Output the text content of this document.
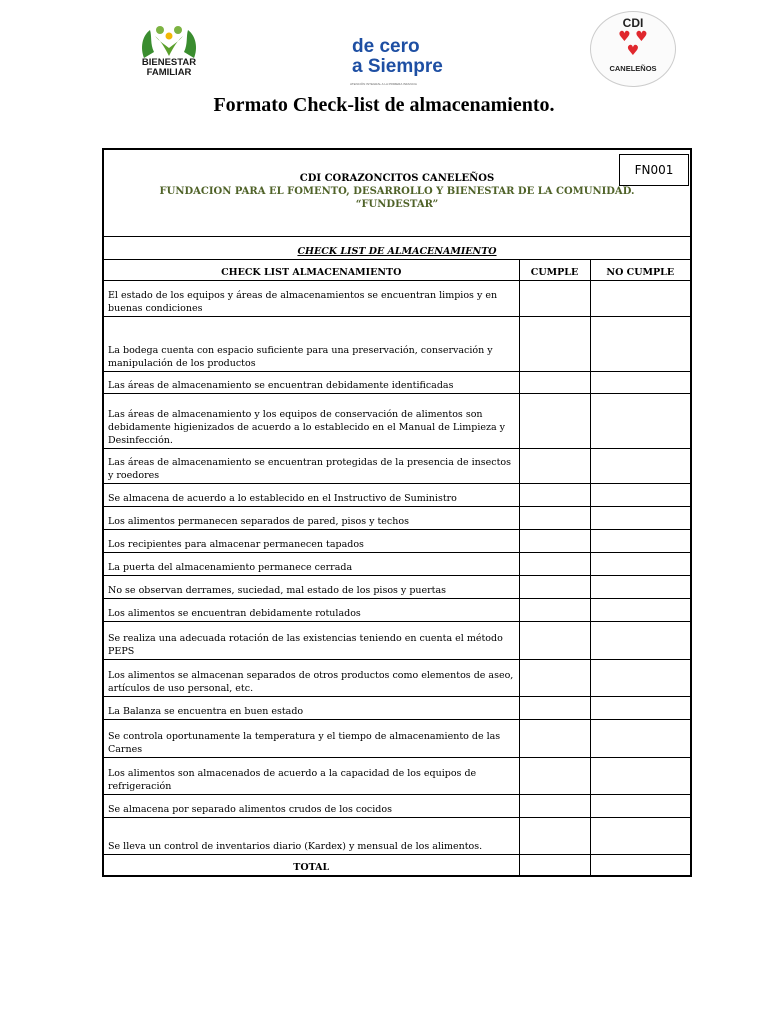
BIENESTAR
FAMILIAR
de cero
a Siempre
ATENCIÓN INTEGRAL A LA PRIMERA INFANCIA
CDI
♥ ♥
♥
CANELEÑOS
Formato Check-list de almacenamiento.
FN001
CDI CORAZONCITOS CANELEÑOS
FUNDACION PARA EL FOMENTO, DESARROLLO Y BIENESTAR DE LA COMUNIDAD.
“FUNDESTAR”
CHECK LIST DE ALMACENAMIENTO		
CHECK LIST ALMACENAMIENTO	CUMPLE	NO CUMPLE
El estado de los equipos y áreas de almacenamientos se encuentran limpios y en buenas condiciones		
La bodega cuenta con espacio suficiente para una preservación, conservación y manipulación de los productos		
Las áreas de almacenamiento se encuentran debidamente identificadas		
Las áreas de almacenamiento y los equipos de conservación de alimentos son debidamente higienizados de acuerdo a lo establecido en el Manual de Limpieza y Desinfección.		
Las áreas de almacenamiento se encuentran protegidas de la presencia de insectos y roedores		
Se almacena de acuerdo a lo establecido en el Instructivo de Suministro		
Los alimentos permanecen separados de pared, pisos y techos		
Los recipientes para almacenar permanecen tapados		
La puerta del almacenamiento permanece cerrada		
No se observan derrames, suciedad, mal estado de los pisos y puertas		
Los alimentos se encuentran debidamente rotulados		
Se realiza una adecuada rotación de las existencias teniendo en cuenta el método PEPS		
Los alimentos se almacenan separados de otros productos como elementos de aseo, artículos de uso personal, etc.		
La Balanza se encuentra en buen estado		
Se controla oportunamente la temperatura y el tiempo de almacenamiento de las Carnes		
Los alimentos son almacenados de acuerdo a la capacidad de los equipos de refrigeración		
Se almacena por separado alimentos crudos de los cocidos		
Se lleva un control de inventarios diario (Kardex) y mensual de los alimentos.		
TOTAL		
